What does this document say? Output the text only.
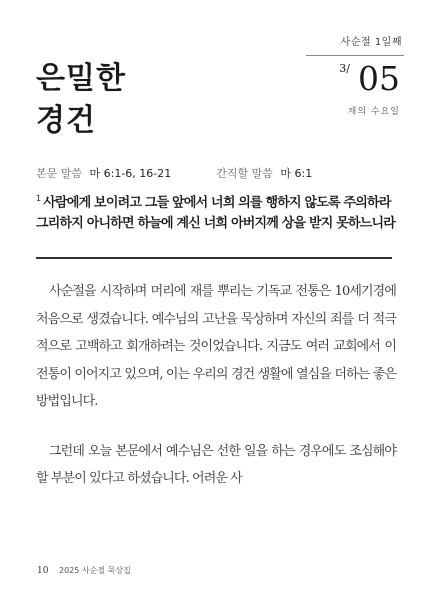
사순절 1일째
은밀한
경건
3/ 05
재의 수요일
본문 말씀 마 6:1-6, 16-21	간직할 말씀 마 6:1
$^1$ 사람에게 보이려고 그들 앞에서 너희 의를 행하지 않도록 주의하라 그리하지 아니하면 하늘에 계신 너희 아버지께 상을 받지 못하느니라

사순절을 시작하며 머리에 재를 뿌리는 기독교 전통은 10세기경에 처음으로 생겼습니다. 예수님의 고난을 묵상하며 자신의 죄를 더 적극적으로 고백하고 회개하려는 것이었습니다. 지금도 여러 교회에서 이 전통이 이어지고 있으며, 이는 우리의 경건 생활에 열심을 더하는 좋은 방법입니다.

그런데 오늘 본문에서 예수님은 선한 일을 하는 경우에도 조심해야 할 부분이 있다고 하셨습니다. 어려운 사

10 2025 사순절 묵상집
